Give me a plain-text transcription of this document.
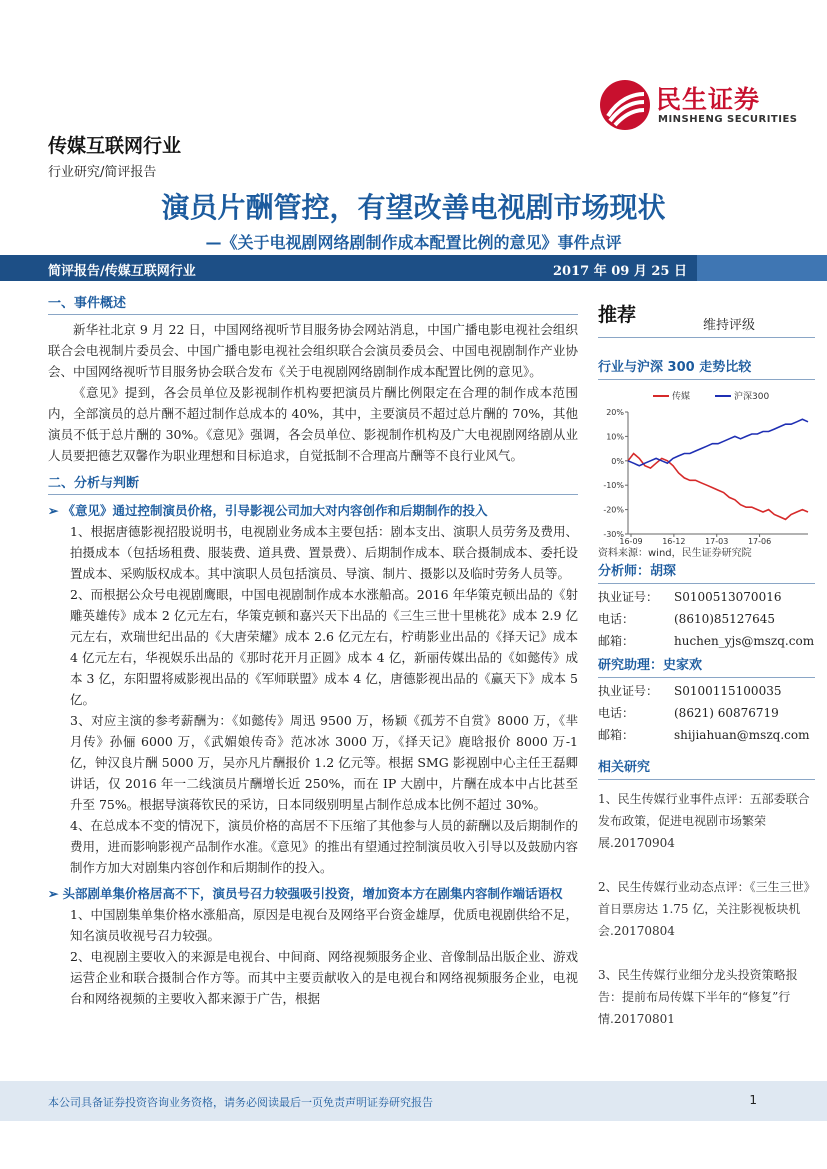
民生证券
MINSHENG SECURITIES
传媒互联网行业
行业研究/简评报告
演员片酬管控，有望改善电视剧市场现状
—《关于电视剧网络剧制作成本配置比例的意见》事件点评
简评报告/传媒互联网行业	2017 年 09 月 25 日
一、事件概述
新华社北京 9 月 22 日，中国网络视听节目服务协会网站消息，中国广播电影电视社会组织联合会电视制片委员会、中国广播电影电视社会组织联合会演员委员会、中国电视剧制作产业协会、中国网络视听节目服务协会联合发布《关于电视剧网络剧制作成本配置比例的意见》。
《意见》提到，各会员单位及影视制作机构要把演员片酬比例限定在合理的制作成本范围内，全部演员的总片酬不超过制作总成本的 40%，其中，主要演员不超过总片酬的 70%，其他演员不低于总片酬的 30%。《意见》强调，各会员单位、影视制作机构及广大电视剧网络剧从业人员要把德艺双馨作为职业理想和目标追求，自觉抵制不合理高片酬等不良行业风气。
二、分析与判断
➢ 《意见》通过控制演员价格，引导影视公司加大对内容创作和后期制作的投入
1、根据唐德影视招股说明书，电视剧业务成本主要包括：剧本支出、演职人员劳务及费用、拍摄成本（包括场租费、服装费、道具费、置景费）、后期制作成本、联合摄制成本、委托设置成本、采购版权成本。其中演职人员包括演员、导演、制片、摄影以及临时劳务人员等。
2、而根据公众号电视剧鹰眼，中国电视剧制作成本水涨船高。2016 年华策克顿出品的《射雕英雄传》成本 2 亿元左右，华策克顿和嘉兴天下出品的《三生三世十里桃花》成本 2.9 亿元左右，欢瑞世纪出品的《大唐荣耀》成本 2.6 亿元左右，柠萌影业出品的《择天记》成本 4 亿元左右，华视娱乐出品的《那时花开月正圆》成本 4 亿，新丽传媒出品的《如懿传》成本 3 亿，东阳盟将威影视出品的《军师联盟》成本 4 亿，唐德影视出品的《赢天下》成本 5 亿。
3、对应主演的参考薪酬为：《如懿传》周迅 9500 万，杨颖《孤芳不自赏》8000 万，《芈月传》孙俪 6000 万，《武媚娘传奇》范冰冰 3000 万，《择天记》鹿晗报价 8000 万-1 亿，钟汉良片酬 5000 万，吴亦凡片酬报价 1.2 亿元等。根据 SMG 影视剧中心主任王磊卿讲话，仅 2016 年一二线演员片酬增长近 250%，而在 IP 大剧中，片酬在成本中占比甚至升至 75%。根据导演蒋钦民的采访，日本同级别明星占制作总成本比例不超过 30%。
4、在总成本不变的情况下，演员价格的高居不下压缩了其他参与人员的薪酬以及后期制作的费用，进而影响影视产品制作水准。《意见》的推出有望通过控制演员收入引导以及鼓励内容制作方加大对剧集内容创作和后期制作的投入。
➢ 头部剧单集价格居高不下，演员号召力较强吸引投资，增加资本方在剧集内容制作端话语权
1、中国剧集单集价格水涨船高，原因是电视台及网络平台资金雄厚，优质电视剧供给不足，知名演员收视号召力较强。
2、电视剧主要收入的来源是电视台、中间商、网络视频服务企业、音像制品出版企业、游戏运营企业和联合摄制合作方等。而其中主要贡献收入的是电视台和网络视频服务企业，电视台和网络视频的主要收入都来源于广告，根据
推荐	维持评级
行业与沪深 300 走势比较
20%
10%
0%
-10%
-20%
-30%
16-09 16-12 17-03 17-06
传媒	沪深300
资料来源：wind，民生证券研究院
分析师：胡琛
执业证号： S0100513070016
电话：	(8610)85127645
邮箱：	huchen_yjs@mszq.com
研究助理：史家欢
执业证号： S0100115100035
电话：	(8621) 60876719
邮箱：	shijiahuan@mszq.com
相关研究
1、民生传媒行业事件点评：五部委联合发布政策，促进电视剧市场繁荣展.20170904
2、民生传媒行业动态点评：《三生三世》首日票房达 1.75 亿，关注影视板块机会.20170804
3、民生传媒行业细分龙头投资策略报告：提前布局传媒下半年的“修复”行情.20170801
本公司具备证券投资咨询业务资格，请务必阅读最后一页免责声明证券研究报告	1
